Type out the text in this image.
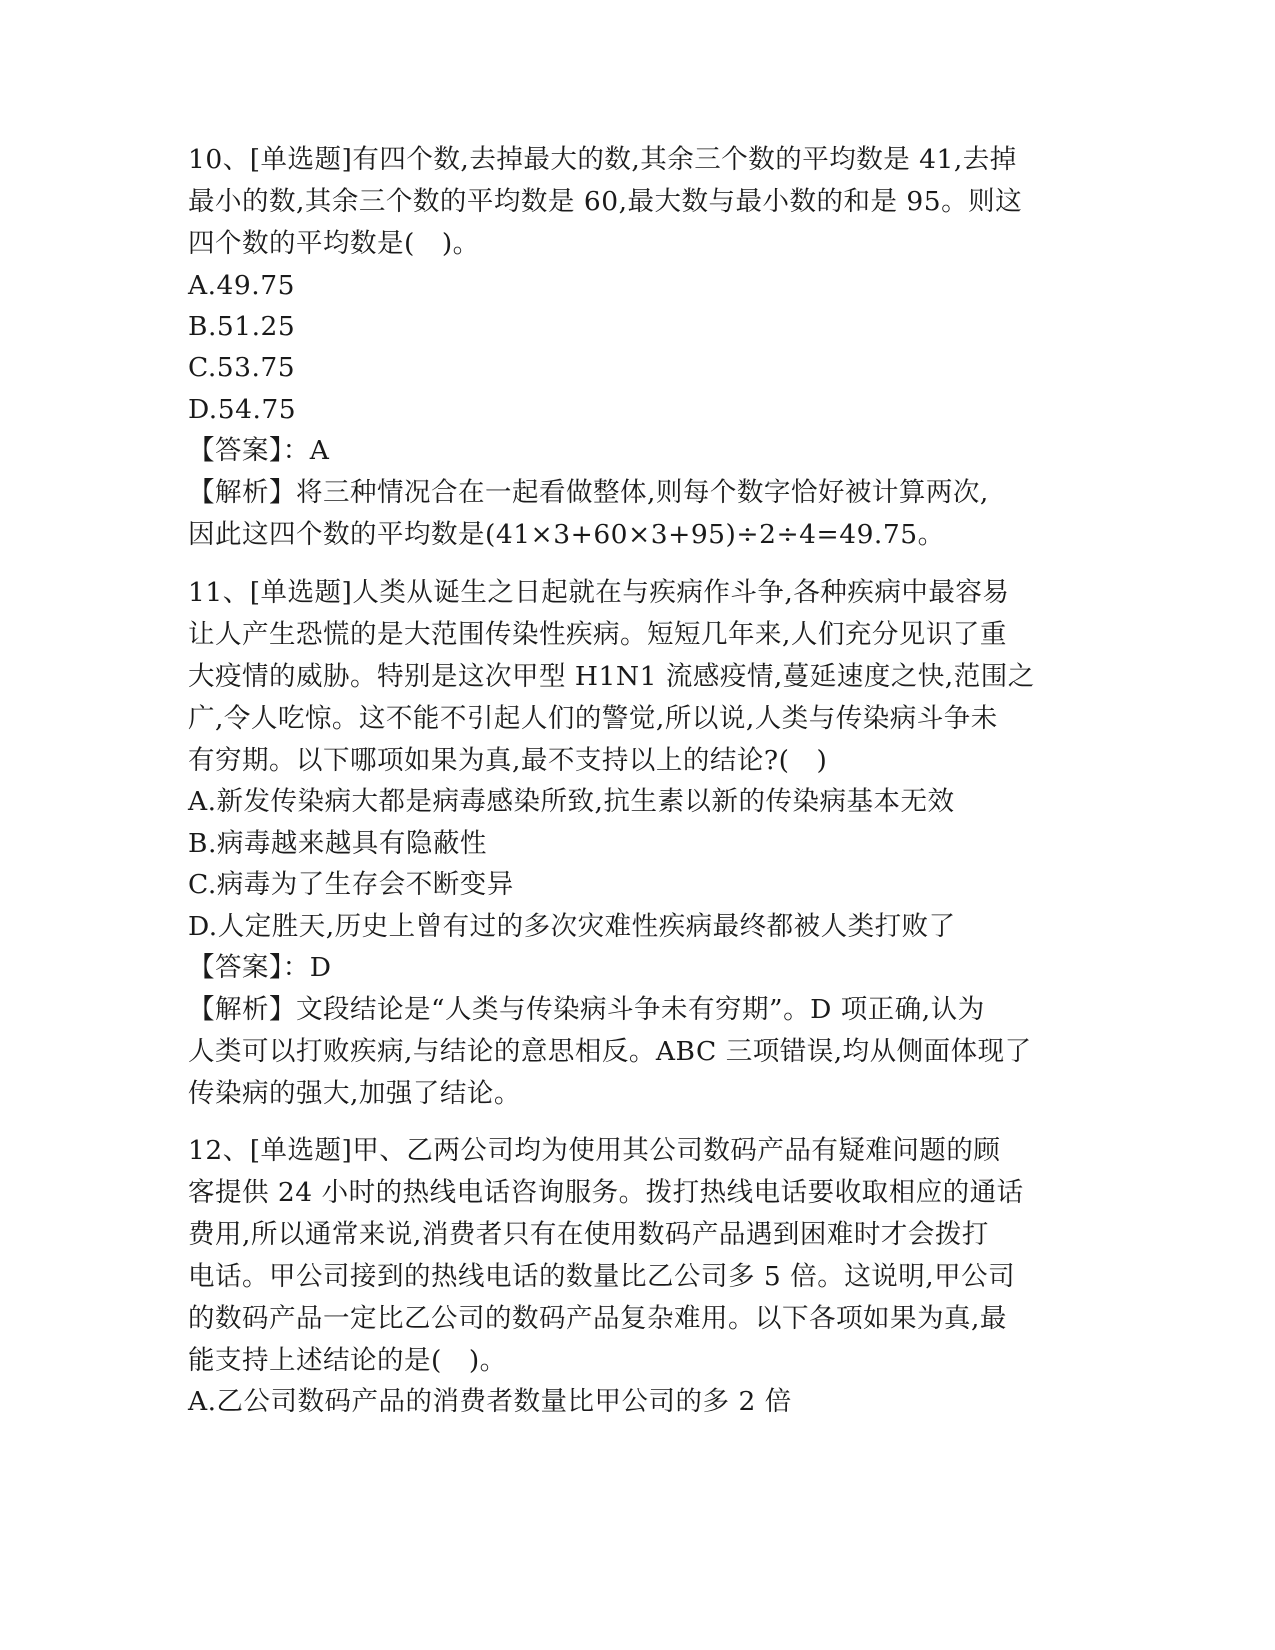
10、[单选题]有四个数,去掉最大的数,其余三个数的平均数是 41,去掉
最小的数,其余三个数的平均数是 60,最大数与最小数的和是 95。则这
四个数的平均数是(　)。
A.49.75
B.51.25
C.53.75
D.54.75
【答案】：A
【解析】将三种情况合在一起看做整体,则每个数字恰好被计算两次,
因此这四个数的平均数是(41×3+60×3+95)÷2÷4=49.75。
11、[单选题]人类从诞生之日起就在与疾病作斗争,各种疾病中最容易
让人产生恐慌的是大范围传染性疾病。短短几年来,人们充分见识了重
大疫情的威胁。特别是这次甲型 H1N1 流感疫情,蔓延速度之快,范围之
广,令人吃惊。这不能不引起人们的警觉,所以说,人类与传染病斗争未
有穷期。以下哪项如果为真,最不支持以上的结论?(　)
A.新发传染病大都是病毒感染所致,抗生素以新的传染病基本无效
B.病毒越来越具有隐蔽性
C.病毒为了生存会不断变异
D.人定胜天,历史上曾有过的多次灾难性疾病最终都被人类打败了
【答案】：D
【解析】文段结论是“人类与传染病斗争未有穷期”。D 项正确,认为
人类可以打败疾病,与结论的意思相反。ABC 三项错误,均从侧面体现了
传染病的强大,加强了结论。
12、[单选题]甲、乙两公司均为使用其公司数码产品有疑难问题的顾
客提供 24 小时的热线电话咨询服务。拨打热线电话要收取相应的通话
费用,所以通常来说,消费者只有在使用数码产品遇到困难时才会拨打
电话。甲公司接到的热线电话的数量比乙公司多 5 倍。这说明,甲公司
的数码产品一定比乙公司的数码产品复杂难用。以下各项如果为真,最
能支持上述结论的是(　)。
A.乙公司数码产品的消费者数量比甲公司的多 2 倍
